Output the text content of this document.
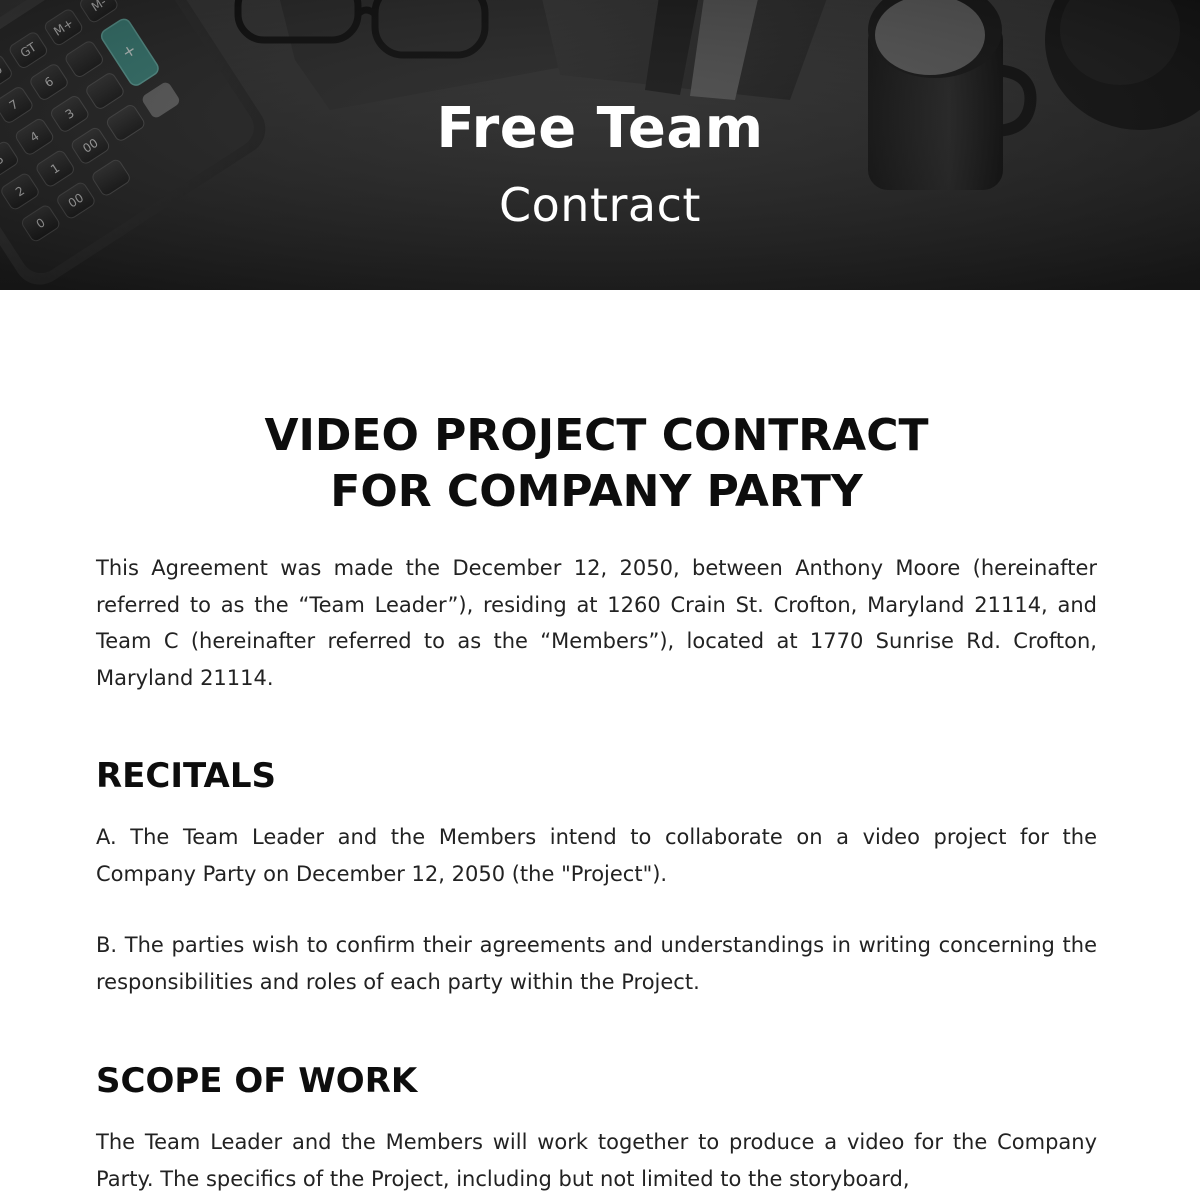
Free Team
Contract
VIDEO PROJECT CONTRACT
FOR COMPANY PARTY

This Agreement was made the December 12, 2050, between Anthony Moore (hereinafter referred to as the “Team Leader”), residing at 1260 Crain St. Crofton, Maryland 21114, and Team C (hereinafter referred to as the “Members”), located at 1770 Sunrise Rd. Crofton, Maryland 21114.

RECITALS

A. The Team Leader and the Members intend to collaborate on a video project for the Company Party on December 12, 2050 (the "Project").

B. The parties wish to confirm their agreements and understandings in writing concerning the responsibilities and roles of each party within the Project.

SCOPE OF WORK

The Team Leader and the Members will work together to produce a video for the Company Party. The specifics of the Project, including but not limited to the storyboard,
